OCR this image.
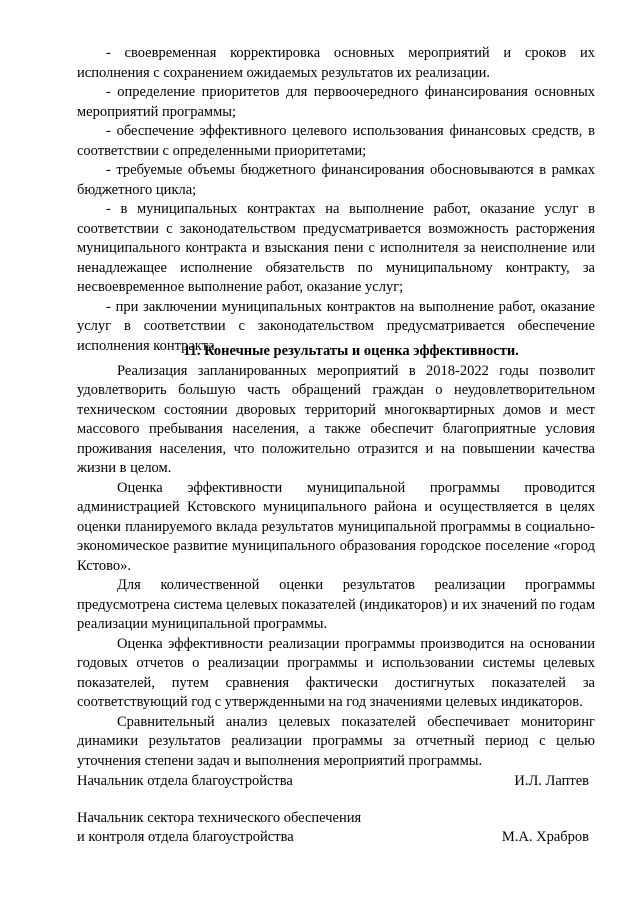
- своевременная корректировка основных мероприятий и сроков их исполнения с сохранением ожидаемых результатов их реализации.

- определение приоритетов для первоочередного финансирования основных мероприятий программы;

- обеспечение эффективного целевого использования финансовых средств, в соответствии с определенными приоритетами;

- требуемые объемы бюджетного финансирования обосновываются в рамках бюджетного цикла;

- в муниципальных контрактах на выполнение работ, оказание услуг в соответствии с законодательством предусматривается возможность расторжения муниципального контракта и взыскания пени с исполнителя за неисполнение или ненадлежащее исполнение обязательств по муниципальному контракту, за несвоевременное выполнение работ, оказание услуг;

- при заключении муниципальных контрактов на выполнение работ, оказание услуг в соответствии с законодательством предусматривается обеспечение исполнения контракта.

11. Конечные результаты и оценка эффективности.

Реализация запланированных мероприятий в 2018-2022 годы позволит удовлетворить большую часть обращений граждан о неудовлетворительном техническом состоянии дворовых территорий многоквартирных домов и мест массового пребывания населения, а также обеспечит благоприятные условия проживания населения, что положительно отразится и на повышении качества жизни в целом.

Оценка эффективности муниципальной программы проводится администрацией Кстовского муниципального района и осуществляется в целях оценки планируемого вклада результатов муниципальной программы в социально-экономическое развитие муниципального образования городское поселение «город Кстово».

Для количественной оценки результатов реализации программы предусмотрена система целевых показателей (индикаторов) и их значений по годам реализации муниципальной программы.

Оценка эффективности реализации программы производится на основании годовых отчетов о реализации программы и использовании системы целевых показателей, путем сравнения фактически достигнутых показателей за соответствующий год с утвержденными на год значениями целевых индикаторов.

Сравнительный анализ целевых показателей обеспечивает мониторинг динамики результатов реализации программы за отчетный период с целью уточнения степени задач и выполнения мероприятий программы.

Начальник отдела благоустройства	И.Л. Лаптев
Начальник сектора технического обеспечения
и контроля отдела благоустройства	М.А. Храбров
